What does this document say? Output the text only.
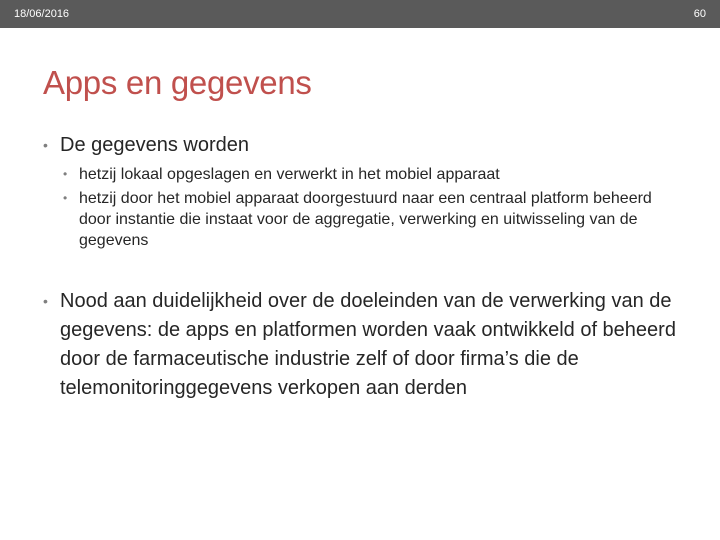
18/06/2016	60
Apps en gegevens
• De gegevens worden
• hetzij lokaal opgeslagen en verwerkt in het mobiel apparaat
• hetzij door het mobiel apparaat doorgestuurd naar een centraal platform beheerd door instantie die instaat voor de aggregatie, verwerking en uitwisseling van de gegevens
• Nood aan duidelijkheid over de doeleinden van de verwerking van de gegevens: de apps en platformen worden vaak ontwikkeld of beheerd door de farmaceutische industrie zelf of door firma’s die de telemonitoringgegevens verkopen aan derden
